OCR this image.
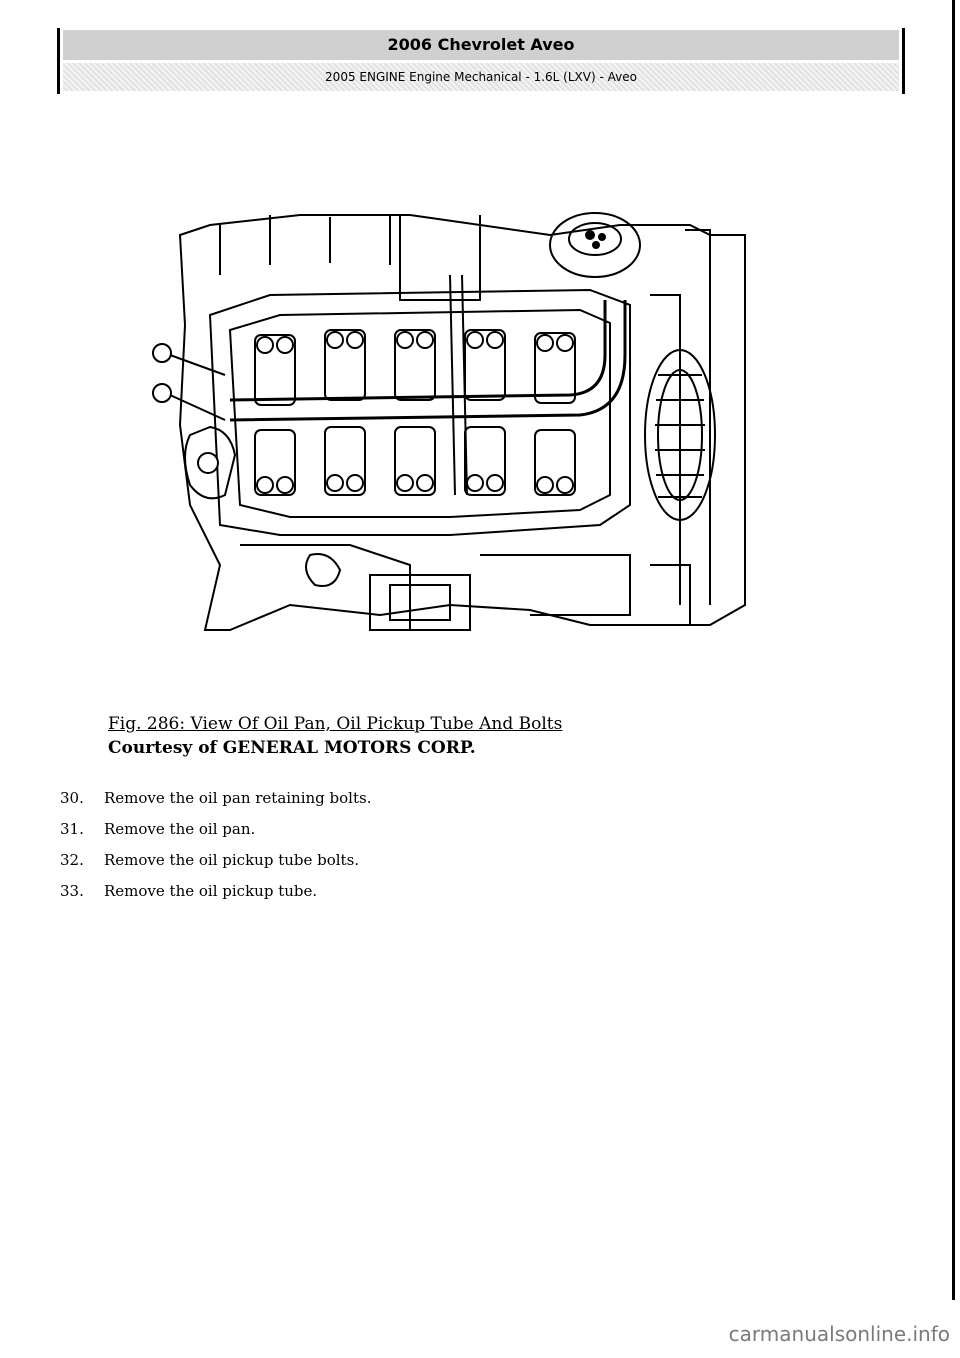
2006 Chevrolet Aveo
2005 ENGINE Engine Mechanical - 1.6L (LXV) - Aveo
Fig. 286: View Of Oil Pan, Oil Pickup Tube And Bolts
Courtesy of GENERAL MOTORS CORP.
30. Remove the oil pan retaining bolts.
31. Remove the oil pan.
32. Remove the oil pickup tube bolts.
33. Remove the oil pickup tube.
carmanualsonline.info
